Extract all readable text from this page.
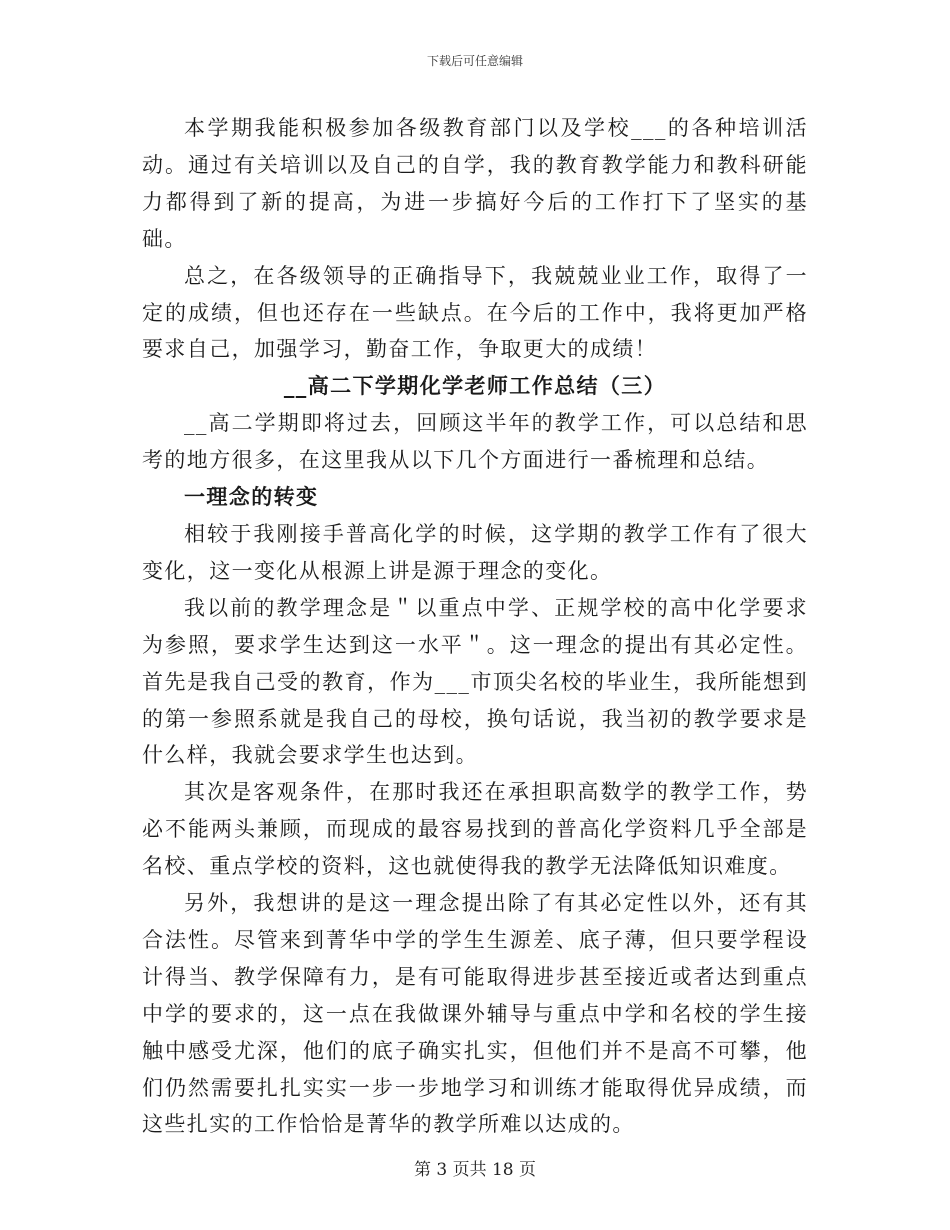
下载后可任意编辑

本学期我能积极参加各级教育部门以及学校___的各种培训活动。通过有关培训以及自己的自学，我的教育教学能力和教科研能力都得到了新的提高，为进一步搞好今后的工作打下了坚实的基础。

总之，在各级领导的正确指导下，我兢兢业业工作，取得了一定的成绩，但也还存在一些缺点。在今后的工作中，我将更加严格要求自己，加强学习，勤奋工作，争取更大的成绩！

__高二下学期化学老师工作总结（三）

__高二学期即将过去，回顾这半年的教学工作，可以总结和思考的地方很多，在这里我从以下几个方面进行一番梳理和总结。

一理念的转变

相较于我刚接手普高化学的时候，这学期的教学工作有了很大变化，这一变化从根源上讲是源于理念的变化。

我以前的教学理念是＂以重点中学、正规学校的高中化学要求为参照，要求学生达到这一水平＂。这一理念的提出有其必定性。首先是我自己受的教育，作为___市顶尖名校的毕业生，我所能想到的第一参照系就是我自己的母校，换句话说，我当初的教学要求是什么样，我就会要求学生也达到。

其次是客观条件，在那时我还在承担职高数学的教学工作，势必不能两头兼顾，而现成的最容易找到的普高化学资料几乎全部是名校、重点学校的资料，这也就使得我的教学无法降低知识难度。

另外，我想讲的是这一理念提出除了有其必定性以外，还有其合法性。尽管来到菁华中学的学生生源差、底子薄，但只要学程设计得当、教学保障有力，是有可能取得进步甚至接近或者达到重点中学的要求的，这一点在我做课外辅导与重点中学和名校的学生接触中感受尤深，他们的底子确实扎实，但他们并不是高不可攀，他们仍然需要扎扎实实一步一步地学习和训练才能取得优异成绩，而这些扎实的工作恰恰是菁华的教学所难以达成的。

第 3 页共 18 页
